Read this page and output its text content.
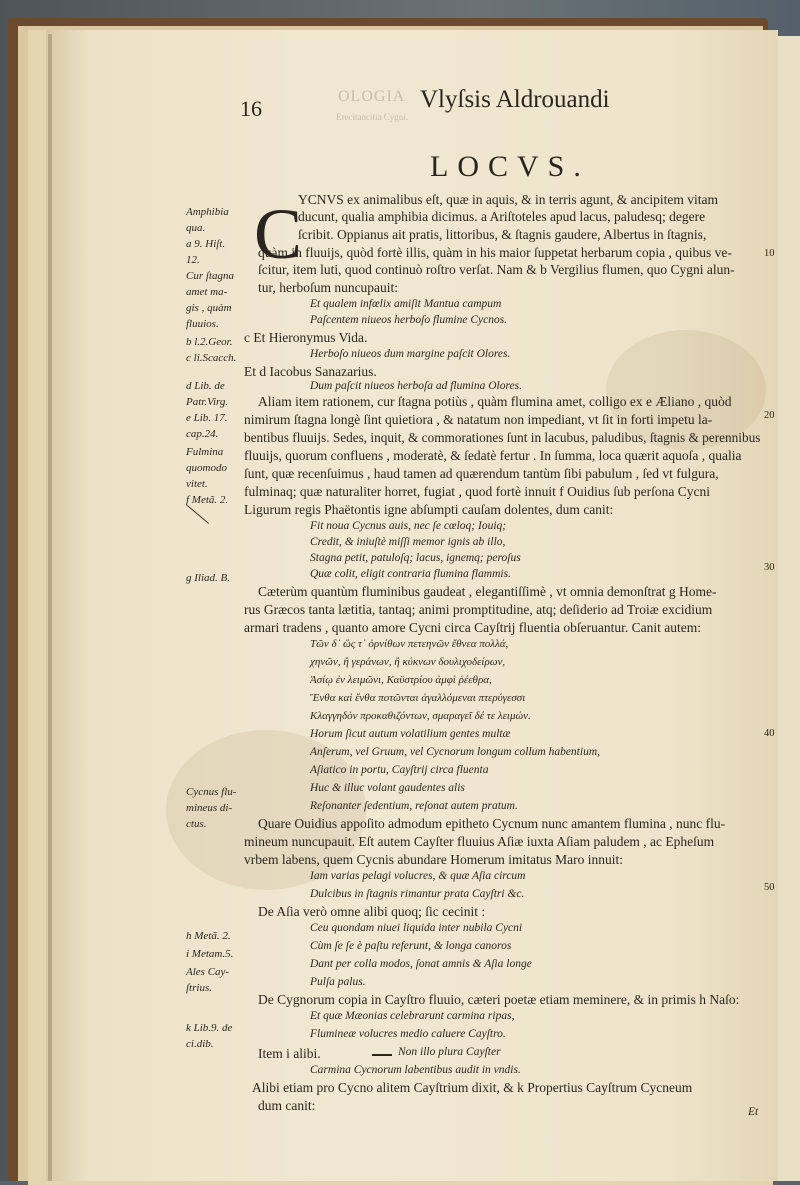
OLOGIA
Erecitancitia Cygni.
16	Vlyſsis Aldrouandi
LOCVS.
C
Amphibia
qua.
a 9. Hiſt.
12.
Cur ſtagna
amet ma-
gis , quàm
fluuios.
b l.2.Geor.
c li.Scacch.
d Lib. de
Patr.Virg.
e Lib. 17.
cap.24.
Fulmina
quomodo
vitet.
f Metã. 2.
g Iliad. B.
Cycnus flu-
mineus di-
ctus.
h Metã. 2.
i Metam.5.
Ales Cay-
ſtrius.
k Lib.9. de
ci.dib.
10
20
30
40
50
YCNVS ex animalibus eſt, quæ in aquis, & in terris agunt, & ancipitem vitam
ducunt, qualia amphibia dicimus. a Ariſtoteles apud lacus, paludesq; degere
ſcribit. Oppianus ait pratis, littoribus, & ſtagnis gaudere, Albertus in ſtagnis,
quàm in fluuijs, quòd fortè illis, quàm in his maior ſuppetat herbarum copia , quibus ve-
ſcitur, item luti, quod continuò roſtro verſat. Nam & b Vergilius flumen, quo Cygni alun-
tur, herboſum nuncupauit:
Et qualem infœlix amiſit Mantua campum
Paſcentem niueos herboſo flumine Cycnos.
c Et Hieronymus Vida.
Herboſo niueos dum margine paſcit Olores.
Et d Iacobus Sanazarius.
Dum paſcit niueos herboſa ad flumina Olores.
Aliam item rationem, cur ſtagna potiùs , quàm flumina amet, colligo ex e Æliano , quòd
nimirum ſtagna longè ſint quietiora , & natatum non impediant, vt ſit in forti impetu la-
bentibus fluuijs. Sedes, inquit, & commorationes ſunt in lacubus, paludibus, ſtagnis & perennibus
fluuijs, quorum confluens , moderatè, & ſedatè fertur . In ſumma, loca quærit aquoſa , qualia
ſunt, quæ recenſuimus , haud tamen ad quærendum tantùm ſibi pabulum , ſed vt fulgura,
fulminaq; quæ naturaliter horret, fugiat , quod fortè innuit f Ouidius ſub perſona Cycni
Ligurum regis Phaëtontis igne abſumpti cauſam dolentes, dum canit:
Fit noua Cycnus auis, nec ſe cœloq; Iouiq;
Credit, & iniuſtè miſſi memor ignis ab illo,
Stagna petit, patuloſq; lacus, ignemq; peroſus
Quæ colit, eligit contraria flumina flammis.
Cæterùm quantùm fluminibus gaudeat , elegantiſſimè , vt omnia demonſtrat g Home-
rus Græcos tanta lætitia, tantaq; animi promptitudine, atq; deſiderio ad Troiæ excidium
armari tradens , quanto amore Cycni circa Cayſtrij fluentia obſeruantur. Canit autem:
Τῶν δ᾽ ὥς τ᾽ ὀρνίθων πετεηνῶν ἔθνεα πολλά,
χηνῶν, ἢ γεράνων, ἢ κύκνων δουλιχοδείρων,
Ἀσίῳ ἐν λειμῶνι, Καϋστρίου ἀμφὶ ῥέεθρα,
Ἔνθα καὶ ἔνθα ποτῶνται ἀγαλλόμεναι πτερύγεσσι
Κλαγγηδὸν προκαθιζόντων, σμαραγεῖ δέ τε λειμών.
Horum ſicut autum volatilium gentes multæ
Anſerum, vel Gruum, vel Cycnorum longum collum habentium,
Aſiatico in portu, Cayſtrij circa fluenta
Huc & illuc volant gaudentes alis
Reſonanter ſedentium, reſonat autem pratum.
Quare Ouidius appoſito admodum epitheto Cycnum nunc amantem flumina , nunc flu-
mineum nuncupauit. Eſt autem Cayſter fluuius Aſiæ iuxta Aſiam paludem , ac Epheſum
vrbem labens, quem Cycnis abundare Homerum imitatus Maro innuit:
Iam varias pelagi volucres, & quæ Aſia circum
Dulcibus in ſtagnis rimantur prata Cayſtri &c.
De Aſia verò omne alibi quoq; ſic cecinit :
Ceu quondam niuei liquida inter nubila Cycni
Cùm ſe ſe è paſtu referunt, & longa canoros
Dant per colla modos, ſonat amnis & Aſia longe
Pulſa palus.
De Cygnorum copia in Cayſtro fluuio, cæteri poetæ etiam meminere, & in primis h Naſo:
Et quæ Mæonias celebrarunt carmina ripas,
Flumineæ volucres medio caluere Cayſtro.
Item i alibi.	Non illo plura Cayſter
Carmina Cycnorum labentibus audit in vndis.
Alibi etiam pro Cycno alitem Cayſtrium dixit, & k Propertius Cayſtrum Cycneum
dum canit:	Et
